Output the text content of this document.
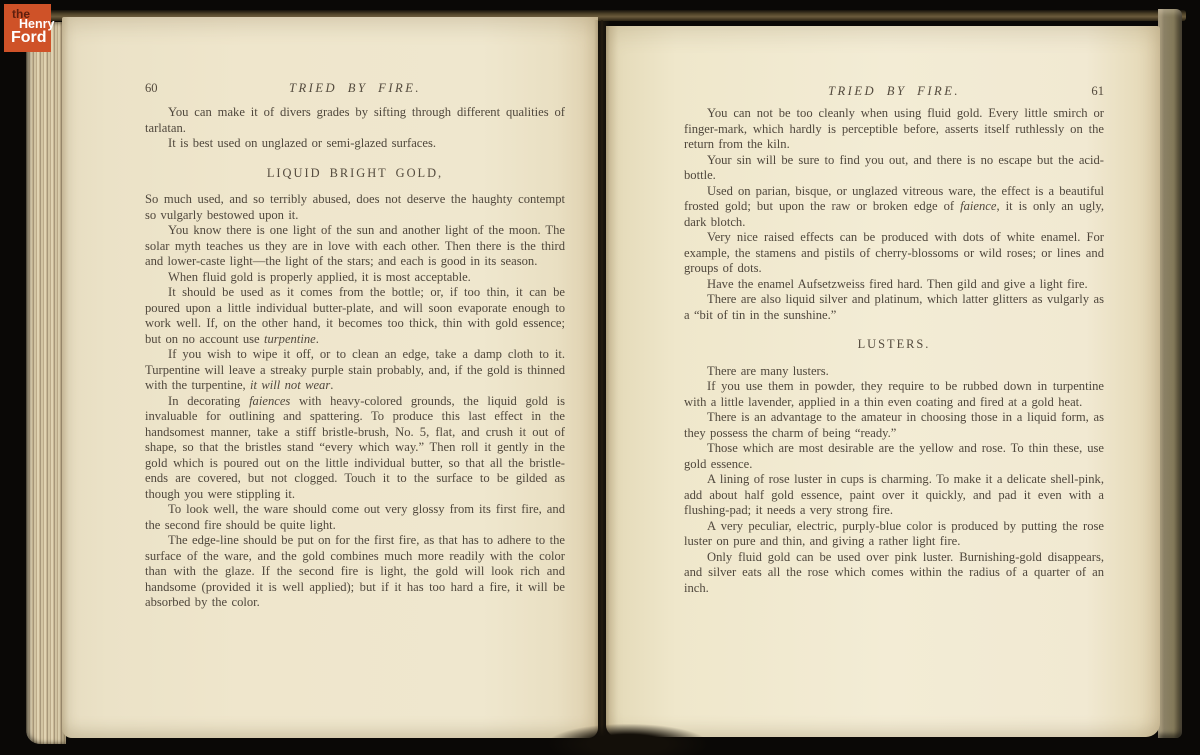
60	TRIED BY FIRE.

You can make it of divers grades by sifting through different qualities of tarlatan.

It is best used on unglazed or semi-glazed surfaces.

LIQUID BRIGHT GOLD,

So much used, and so terribly abused, does not deserve the haughty contempt so vulgarly bestowed upon it.

You know there is one light of the sun and another light of the moon. The solar myth teaches us they are in love with each other. Then there is the third and lower-caste light—the light of the stars; and each is good in its season.

When fluid gold is properly applied, it is most acceptable.

It should be used as it comes from the bottle; or, if too thin, it can be poured upon a little individual butter-plate, and will soon evaporate enough to work well. If, on the other hand, it becomes too thick, thin with gold essence; but on no account use turpentine.

If you wish to wipe it off, or to clean an edge, take a damp cloth to it. Turpentine will leave a streaky purple stain probably, and, if the gold is thinned with the turpentine, it will not wear.

In decorating faiences with heavy-colored grounds, the liquid gold is invaluable for outlining and spattering. To produce this last effect in the handsomest manner, take a stiff bristle-brush, No. 5, flat, and crush it out of shape, so that the bristles stand “every which way.” Then roll it gently in the gold which is poured out on the little individual butter, so that all the bristle-ends are covered, but not clogged. Touch it to the surface to be gilded as though you were stippling it.

To look well, the ware should come out very glossy from its first fire, and the second fire should be quite light.

The edge-line should be put on for the first fire, as that has to adhere to the surface of the ware, and the gold combines much more readily with the color than with the glaze. If the second fire is light, the gold will look rich and handsome (provided it is well applied); but if it has too hard a fire, it will be absorbed by the color.

TRIED BY FIRE.	61

You can not be too cleanly when using fluid gold. Every little smirch or finger-mark, which hardly is perceptible before, asserts itself ruthlessly on the return from the kiln.

Your sin will be sure to find you out, and there is no escape but the acid-bottle.

Used on parian, bisque, or unglazed vitreous ware, the effect is a beautiful frosted gold; but upon the raw or broken edge of faience, it is only an ugly, dark blotch.

Very nice raised effects can be produced with dots of white enamel. For example, the stamens and pistils of cherry-blossoms or wild roses; or lines and groups of dots.

Have the enamel Aufsetzweiss fired hard. Then gild and give a light fire.

There are also liquid silver and platinum, which latter glitters as vulgarly as a “bit of tin in the sunshine.”

LUSTERS.

There are many lusters.

If you use them in powder, they require to be rubbed down in turpentine with a little lavender, applied in a thin even coating and fired at a gold heat.

There is an advantage to the amateur in choosing those in a liquid form, as they possess the charm of being “ready.”

Those which are most desirable are the yellow and rose. To thin these, use gold essence.

A lining of rose luster in cups is charming. To make it a delicate shell-pink, add about half gold essence, paint over it quickly, and pad it even with a flushing-pad; it needs a very strong fire.

A very peculiar, electric, purply-blue color is produced by putting the rose luster on pure and thin, and giving a rather light fire.

Only fluid gold can be used over pink luster. Burnishing-gold disappears, and silver eats all the rose which comes within the radius of a quarter of an inch.

the
Henry
Ford
